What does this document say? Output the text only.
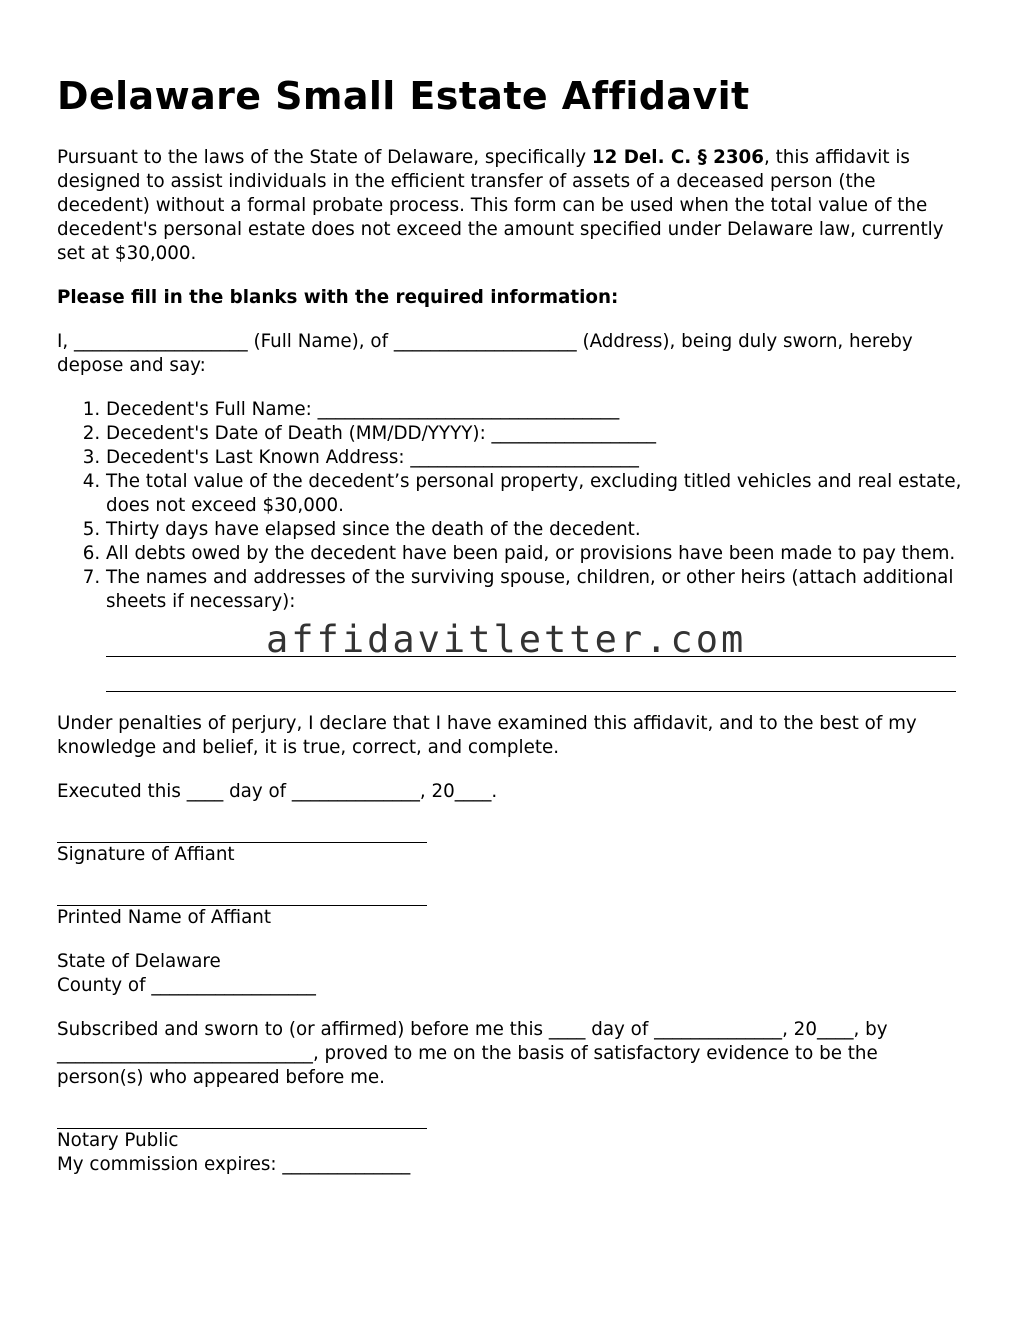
Delaware Small Estate Affidavit

Pursuant to the laws of the State of Delaware, specifically 12 Del. C. § 2306, this affidavit is designed to assist individuals in the efficient transfer of assets of a deceased person (the decedent) without a formal probate process. This form can be used when the total value of the decedent's personal estate does not exceed the amount specified under Delaware law, currently set at $30,000.

Please fill in the blanks with the required information:

I, ___________________ (Full Name), of ____________________ (Address), being duly sworn, hereby depose and say:

1. Decedent's Full Name: _________________________________
2. Decedent's Date of Death (MM/DD/YYYY): __________________
3. Decedent's Last Known Address: _________________________
4. The total value of the decedent’s personal property, excluding titled vehicles and real estate, does not exceed $30,000.
5. Thirty days have elapsed since the death of the decedent.
6. All debts owed by the decedent have been paid, or provisions have been made to pay them.
7. The names and addresses of the surviving spouse, children, or other heirs (attach additional sheets if necessary):
affidavitletter.com

Under penalties of perjury, I declare that I have examined this affidavit, and to the best of my knowledge and belief, it is true, correct, and complete.

Executed this ____ day of ______________, 20____.

Signature of Affiant
Printed Name of Affiant
State of Delaware
County of __________________

Subscribed and sworn to (or affirmed) before me this ____ day of ______________, 20____, by ____________________________, proved to me on the basis of satisfactory evidence to be the person(s) who appeared before me.

Notary Public
My commission expires: ______________
